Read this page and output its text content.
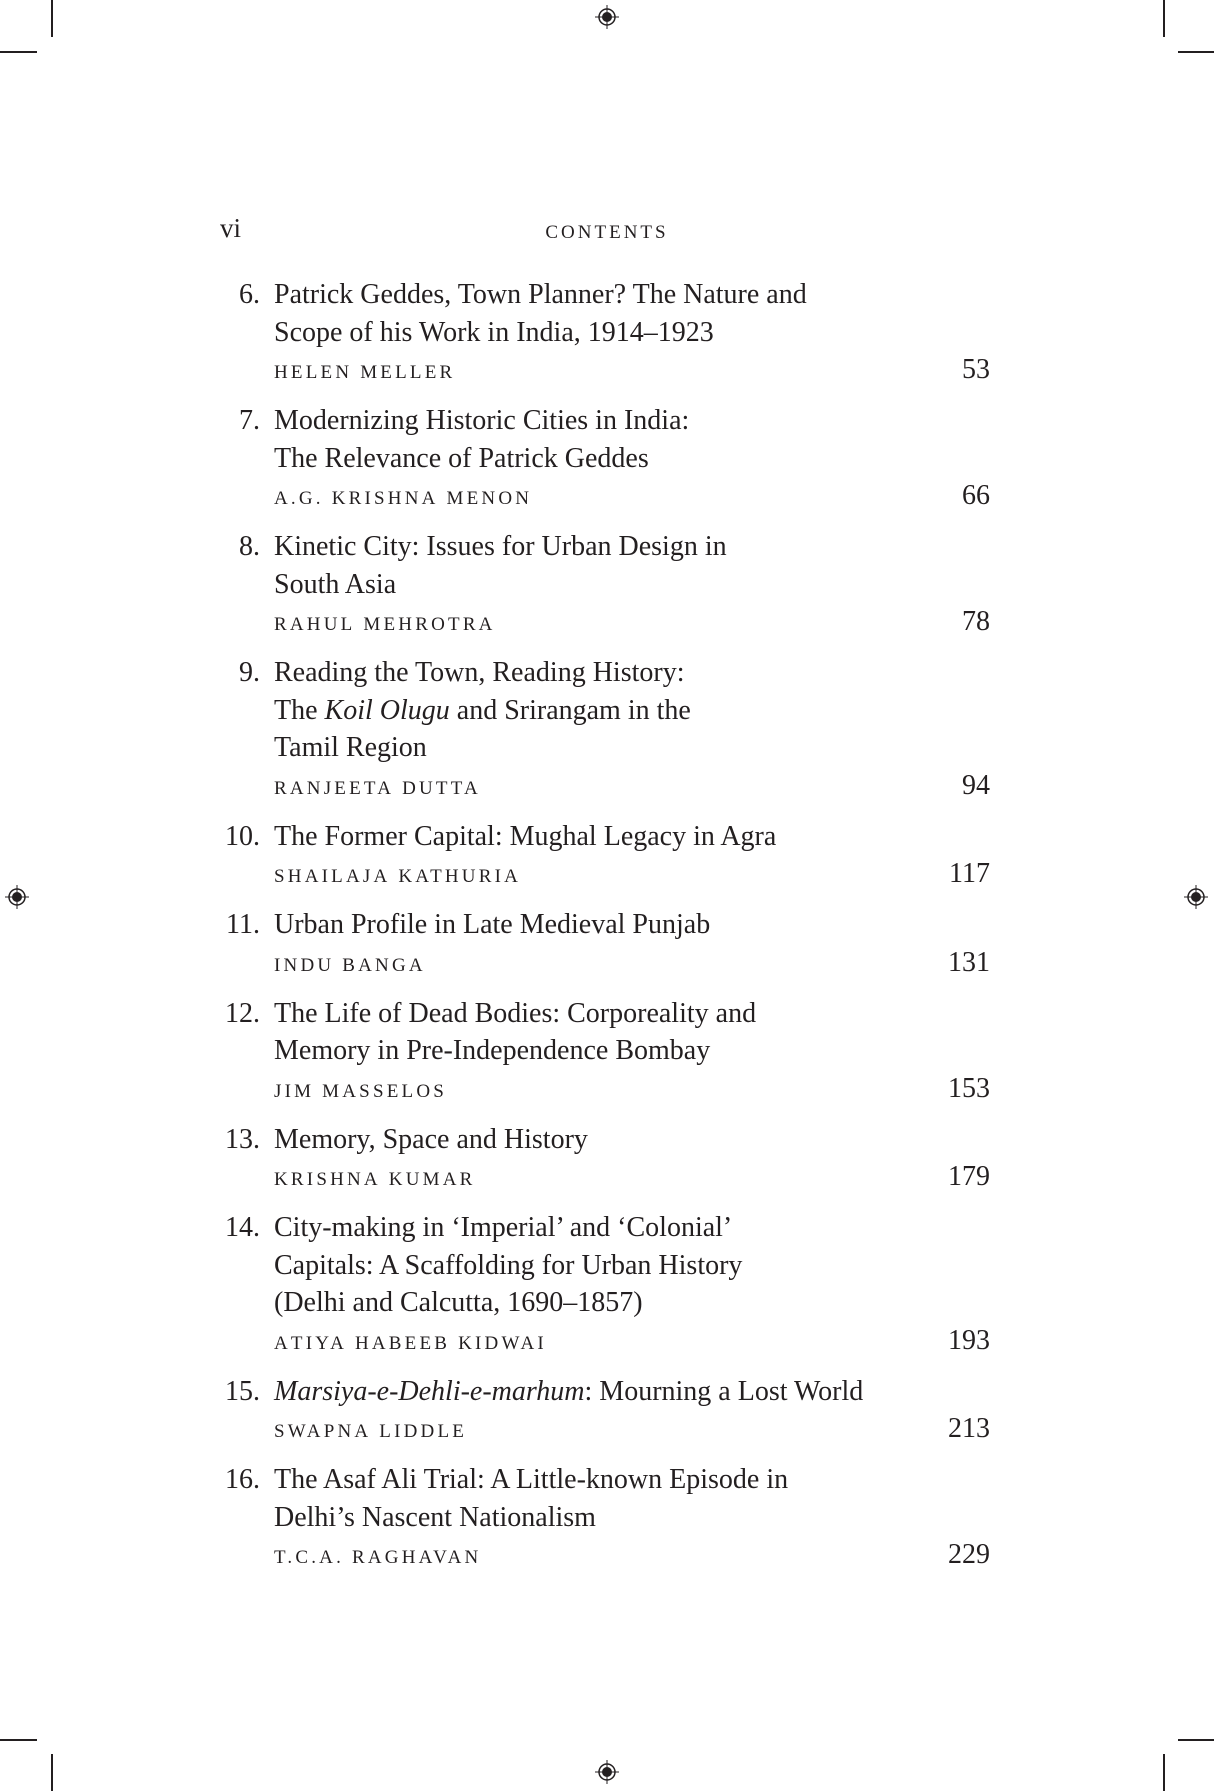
vi	Contents
6. Patrick Geddes, Town Planner? The Nature and
Scope of his Work in India, 1914–1923
Helen Meller	53
7. Modernizing Historic Cities in India:
The Relevance of Patrick Geddes
A.G. Krishna Menon	66
8. Kinetic City: Issues for Urban Design in
South Asia
Rahul Mehrotra	78
9. Reading the Town, Reading History:
The Koil Olugu and Srirangam in the
Tamil Region
Ranjeeta Dutta	94
10. The Former Capital: Mughal Legacy in Agra
Shailaja Kathuria	117
11. Urban Profile in Late Medieval Punjab
Indu Banga	131
12. The Life of Dead Bodies: Corporeality and
Memory in Pre-Independence Bombay
Jim Masselos	153
13. Memory, Space and History
Krishna Kumar	179
14. City-making in ‘Imperial’ and ‘Colonial’
Capitals: A Scaffolding for Urban History
(Delhi and Calcutta, 1690–1857)
Atiya Habeeb Kidwai	193
15. Marsiya-e-Dehli-e-marhum: Mourning a Lost World
Swapna Liddle	213
16. The Asaf Ali Trial: A Little-known Episode in
Delhi’s Nascent Nationalism
T.C.A. Raghavan	229
